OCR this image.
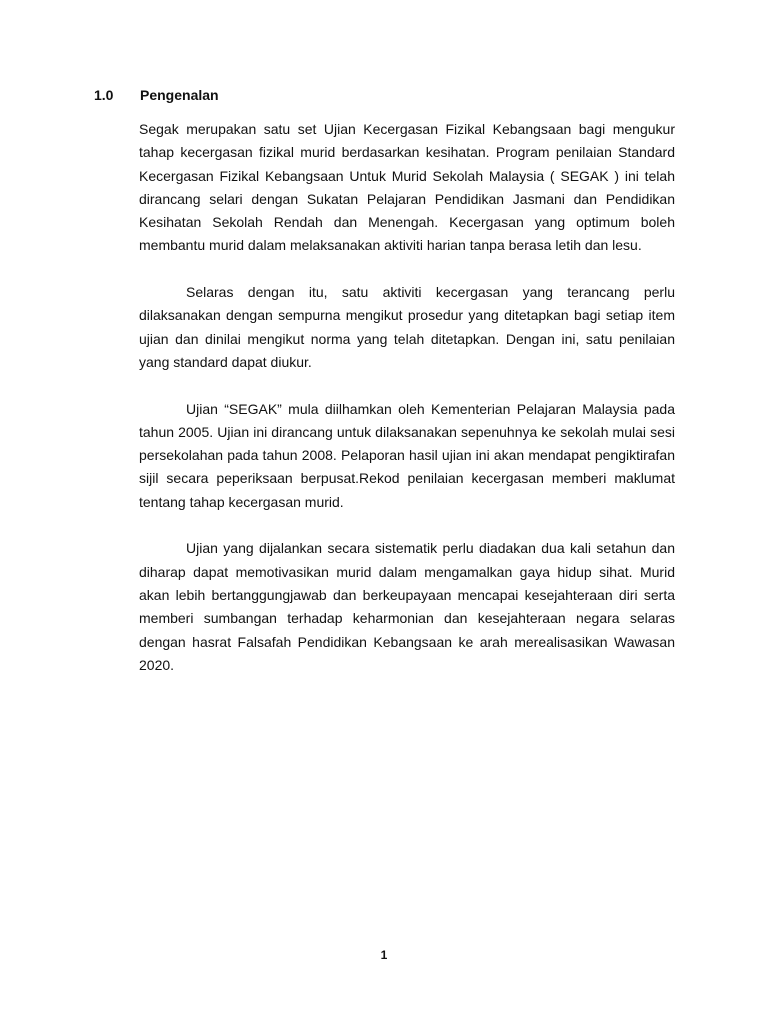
1.0 Pengenalan

Segak merupakan satu set Ujian Kecergasan Fizikal Kebangsaan bagi mengukur tahap kecergasan fizikal murid berdasarkan kesihatan. Program penilaian Standard Kecergasan Fizikal Kebangsaan Untuk Murid Sekolah Malaysia ( SEGAK ) ini telah dirancang selari dengan Sukatan Pelajaran Pendidikan Jasmani dan Pendidikan Kesihatan Sekolah Rendah dan Menengah. Kecergasan yang optimum boleh membantu murid dalam melaksanakan aktiviti harian tanpa berasa letih dan lesu.

Selaras dengan itu, satu aktiviti kecergasan yang terancang perlu dilaksanakan dengan sempurna mengikut prosedur yang ditetapkan bagi setiap item ujian dan dinilai mengikut norma yang telah ditetapkan. Dengan ini, satu penilaian yang standard dapat diukur.

Ujian “SEGAK” mula diilhamkan oleh Kementerian Pelajaran Malaysia pada tahun 2005. Ujian ini dirancang untuk dilaksanakan sepenuhnya ke sekolah mulai sesi persekolahan pada tahun 2008. Pelaporan hasil ujian ini akan mendapat pengiktirafan sijil secara peperiksaan berpusat.Rekod penilaian kecergasan memberi maklumat tentang tahap kecergasan murid.

Ujian yang dijalankan secara sistematik perlu diadakan dua kali setahun dan diharap dapat memotivasikan murid dalam mengamalkan gaya hidup sihat. Murid akan lebih bertanggungjawab dan berkeupayaan mencapai kesejahteraan diri serta memberi sumbangan terhadap keharmonian dan kesejahteraan negara selaras dengan hasrat Falsafah Pendidikan Kebangsaan ke arah merealisasikan Wawasan 2020.

1
